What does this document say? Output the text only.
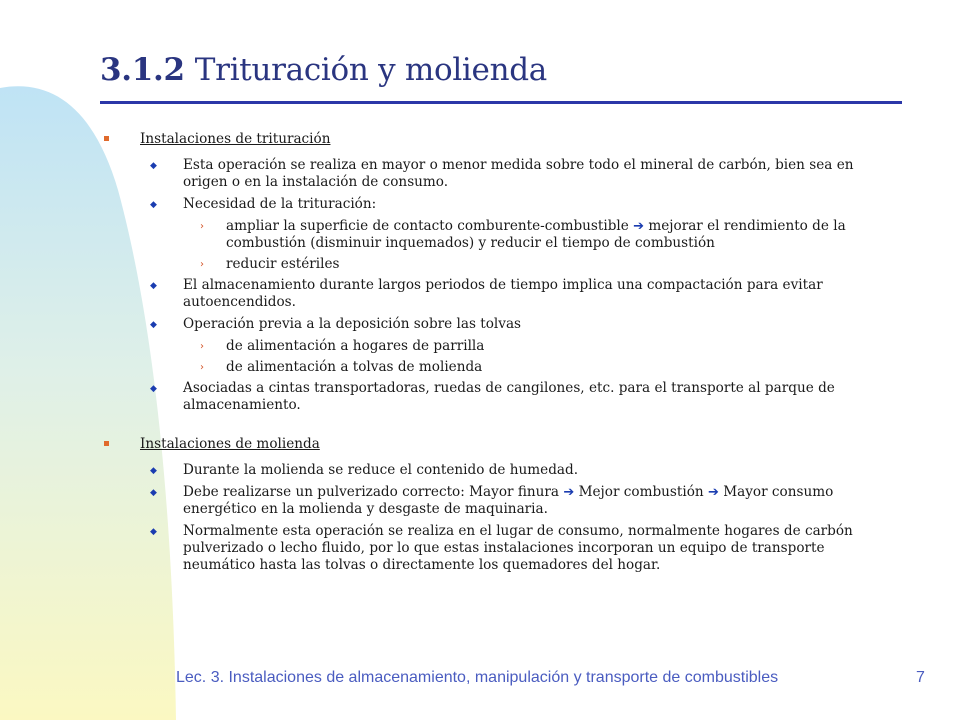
3.1.2 Trituración y molienda
Instalaciones de trituración
◆ Esta operación se realiza en mayor o menor medida sobre todo el mineral de carbón, bien sea en origen o en la instalación de consumo.
◆ Necesidad de la trituración:
› ampliar la superficie de contacto comburente-combustible ➔ mejorar el rendimiento de la combustión (disminuir inquemados) y reducir el tiempo de combustión
› reducir estériles
◆ El almacenamiento durante largos periodos de tiempo implica una compactación para evitar autoencendidos.
◆ Operación previa a la deposición sobre las tolvas
› de alimentación a hogares de parrilla
› de alimentación a tolvas de molienda
◆ Asociadas a cintas transportadoras, ruedas de cangilones, etc. para el transporte al parque de almacenamiento.
Instalaciones de molienda
◆ Durante la molienda se reduce el contenido de humedad.
◆ Debe realizarse un pulverizado correcto: Mayor finura ➔ Mejor combustión ➔ Mayor consumo energético en la molienda y desgaste de maquinaria.
◆ Normalmente esta operación se realiza en el lugar de consumo, normalmente hogares de carbón pulverizado o lecho fluido, por lo que estas instalaciones incorporan un equipo de transporte neumático hasta las tolvas o directamente los quemadores del hogar.
Lec. 3. Instalaciones de almacenamiento, manipulación y transporte de combustibles	7
